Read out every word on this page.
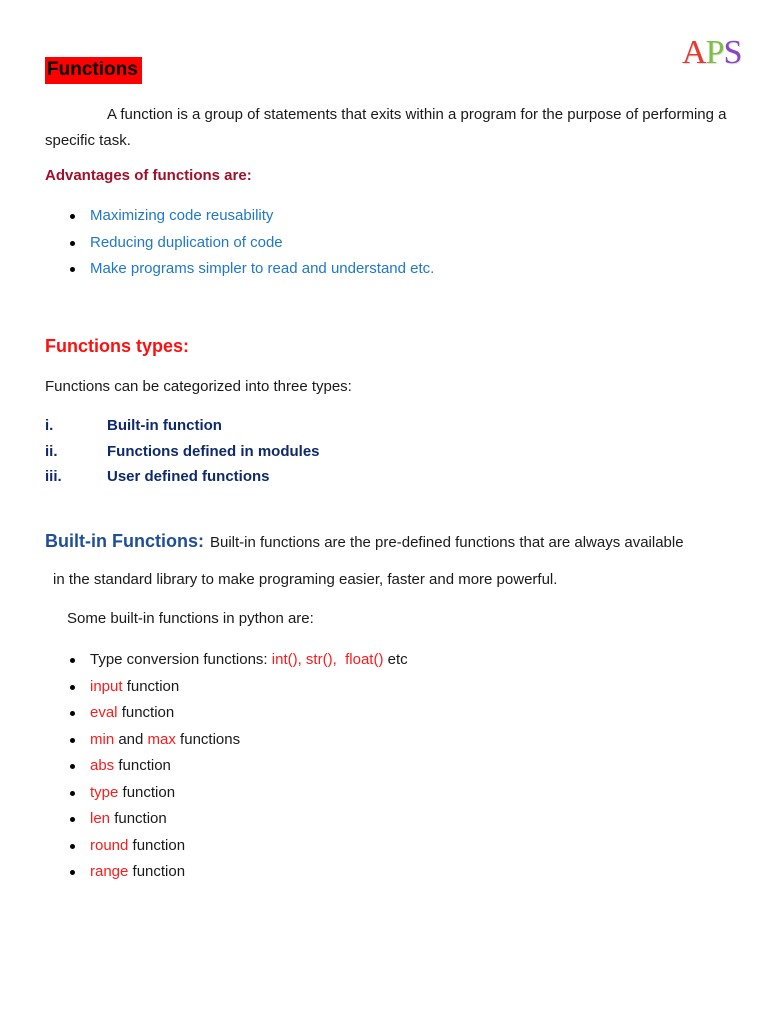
APS
Functions
A function is a group of statements that exits within a program for the purpose of performing a specific task.
Advantages of functions are:
Maximizing code reusability
Reducing duplication of code
Make programs simpler to read and understand etc.
Functions types:
Functions can be categorized into three types:
i.	Built-in function
ii.	Functions defined in modules
iii.	User defined functions
Built-in Functions: Built-in functions are the pre-defined functions that are always available
in the standard library to make programing easier, faster and more powerful.
Some built-in functions in python are:
Type conversion functions: int(), str(), float() etc
input function
eval function
min and max functions
abs function
type function
len function
round function
range function
